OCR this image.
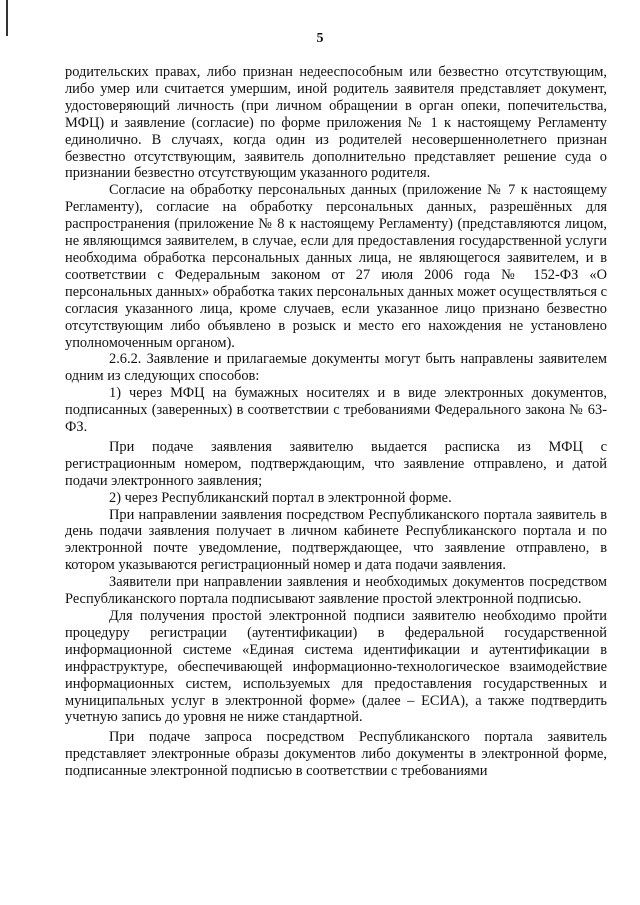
5

родительских правах, либо признан недееспособным или безвестно отсутствующим, либо умер или считается умершим, иной родитель заявителя представляет документ, удостоверяющий личность (при личном обращении в орган опеки, попечительства, МФЦ) и заявление (согласие) по форме приложения № 1 к настоящему Регламенту единолично. В случаях, когда один из родителей несовершеннолетнего признан безвестно отсутствующим, заявитель дополнительно представляет решение суда о признании безвестно отсутствующим указанного родителя.

Согласие на обработку персональных данных (приложение № 7 к настоящему Регламенту), согласие на обработку персональных данных, разрешённых для распространения (приложение № 8 к настоящему Регламенту) (представляются лицом, не являющимся заявителем, в случае, если для предоставления государственной услуги необходима обработка персональных данных лица, не являющегося заявителем, и в соответствии с Федеральным законом от 27 июля 2006 года № 152-ФЗ «О персональных данных» обработка таких персональных данных может осуществляться с согласия указанного лица, кроме случаев, если указанное лицо признано безвестно отсутствующим либо объявлено в розыск и место его нахождения не установлено уполномоченным органом).

2.6.2. Заявление и прилагаемые документы могут быть направлены заявителем одним из следующих способов:

1) через МФЦ на бумажных носителях и в виде электронных документов, подписанных (заверенных) в соответствии с требованиями Федерального закона № 63-ФЗ.

При подаче заявления заявителю выдается расписка из МФЦ с регистрационным номером, подтверждающим, что заявление отправлено, и датой подачи электронного заявления;

2) через Республиканский портал в электронной форме.

При направлении заявления посредством Республиканского портала заявитель в день подачи заявления получает в личном кабинете Республиканского портала и по электронной почте уведомление, подтверждающее, что заявление отправлено, в котором указываются регистрационный номер и дата подачи заявления.

Заявители при направлении заявления и необходимых документов посредством Республиканского портала подписывают заявление простой электронной подписью.

Для получения простой электронной подписи заявителю необходимо пройти процедуру регистрации (аутентификации) в федеральной государственной информационной системе «Единая система идентификации и аутентификации в инфраструктуре, обеспечивающей информационно-технологическое взаимодействие информационных систем, используемых для предоставления государственных и муниципальных услуг в электронной форме» (далее – ЕСИА), а также подтвердить учетную запись до уровня не ниже стандартной.

При подаче запроса посредством Республиканского портала заявитель представляет электронные образы документов либо документы в электронной форме, подписанные электронной подписью в соответствии с требованиями
